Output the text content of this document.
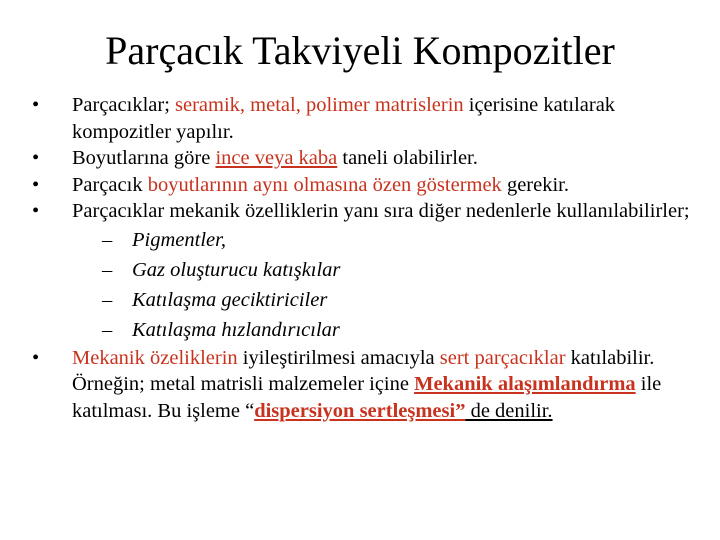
Parçacık Takviyeli Kompozitler
• Parçacıklar; seramik, metal, polimer matrislerin içerisine katılarak kompozitler yapılır.
• Boyutlarına göre ince veya kaba taneli olabilirler.
• Parçacık boyutlarının aynı olmasına özen göstermek gerekir.
• Parçacıklar mekanik özelliklerin yanı sıra diğer nedenlerle kullanılabilirler;
– Pigmentler,
– Gaz oluşturucu katışkılar
– Katılaşma geciktiriciler
– Katılaşma hızlandırıcılar
• Mekanik özeliklerin iyileştirilmesi amacıyla sert parçacıklar katılabilir. Örneğin; metal matrisli malzemeler içine Mekanik alaşımlandırma ile katılması. Bu işleme “dispersiyon sertleşmesi” de denilir.
